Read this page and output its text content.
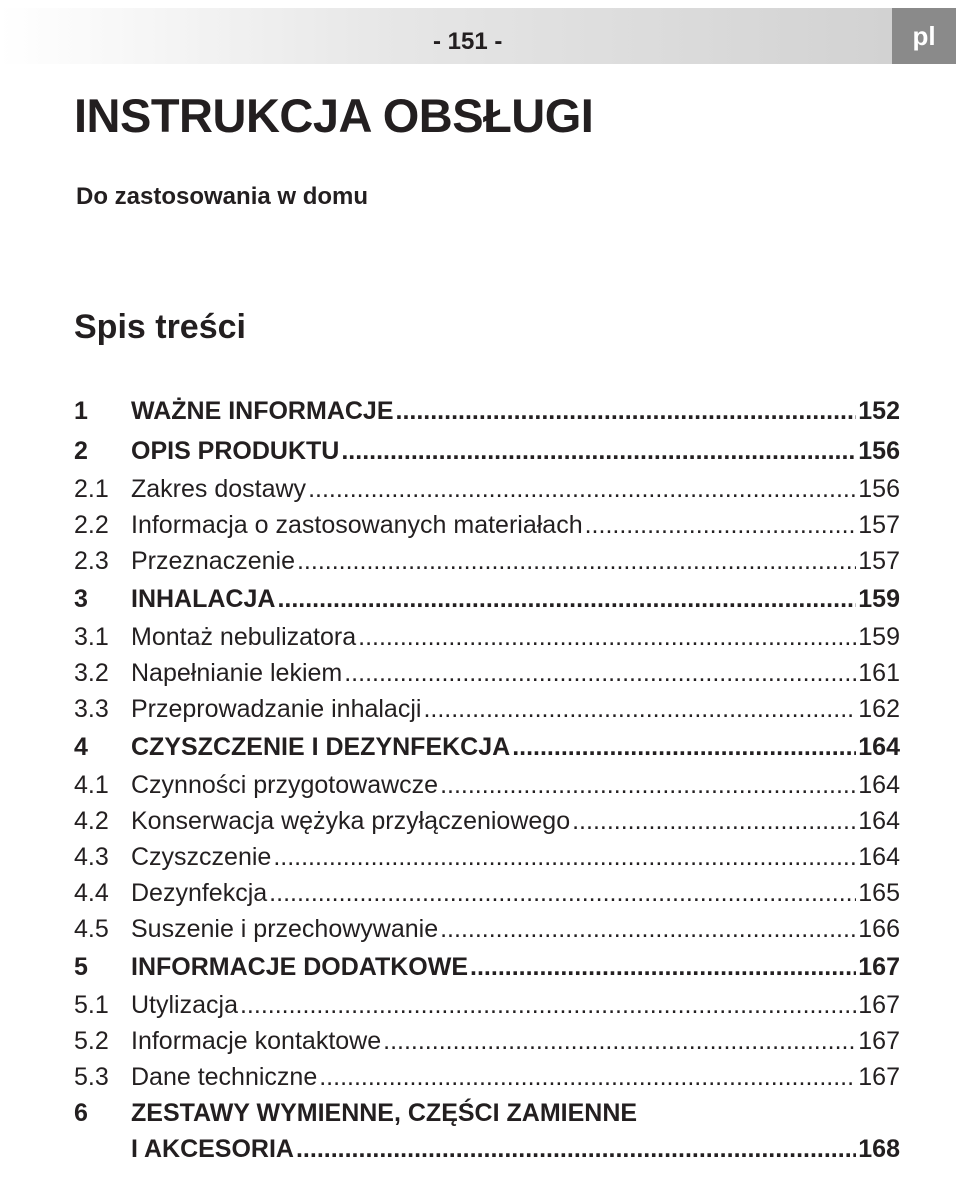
- 151 -	pl
INSTRUKCJA OBSŁUGI
Do zastosowania w domu
Spis treści
1	WAŻNE INFORMACJE .....	152
2	OPIS PRODUKTU .....	156
2.1 Zakres dostawy .....	156
2.2 Informacja o zastosowanych materiałach .....	157
2.3 Przeznaczenie .....	157
3	INHALACJA .....	159
3.1 Montaż nebulizatora .....	159
3.2 Napełnianie lekiem .....	161
3.3 Przeprowadzanie inhalacji .....	162
4	CZYSZCZENIE I DEZYNFEKCJA .....	164
4.1 Czynności przygotowawcze .....	164
4.2 Konserwacja wężyka przyłączeniowego .....	164
4.3 Czyszczenie .....	164
4.4 Dezynfekcja .....	165
4.5 Suszenie i przechowywanie .....	166
5	INFORMACJE DODATKOWE .....	167
5.1 Utylizacja .....	167
5.2 Informacje kontaktowe .....	167
5.3 Dane techniczne .....	167
6	ZESTAWY WYMIENNE, CZĘŚCI ZAMIENNE
I AKCESORIA .....	168
